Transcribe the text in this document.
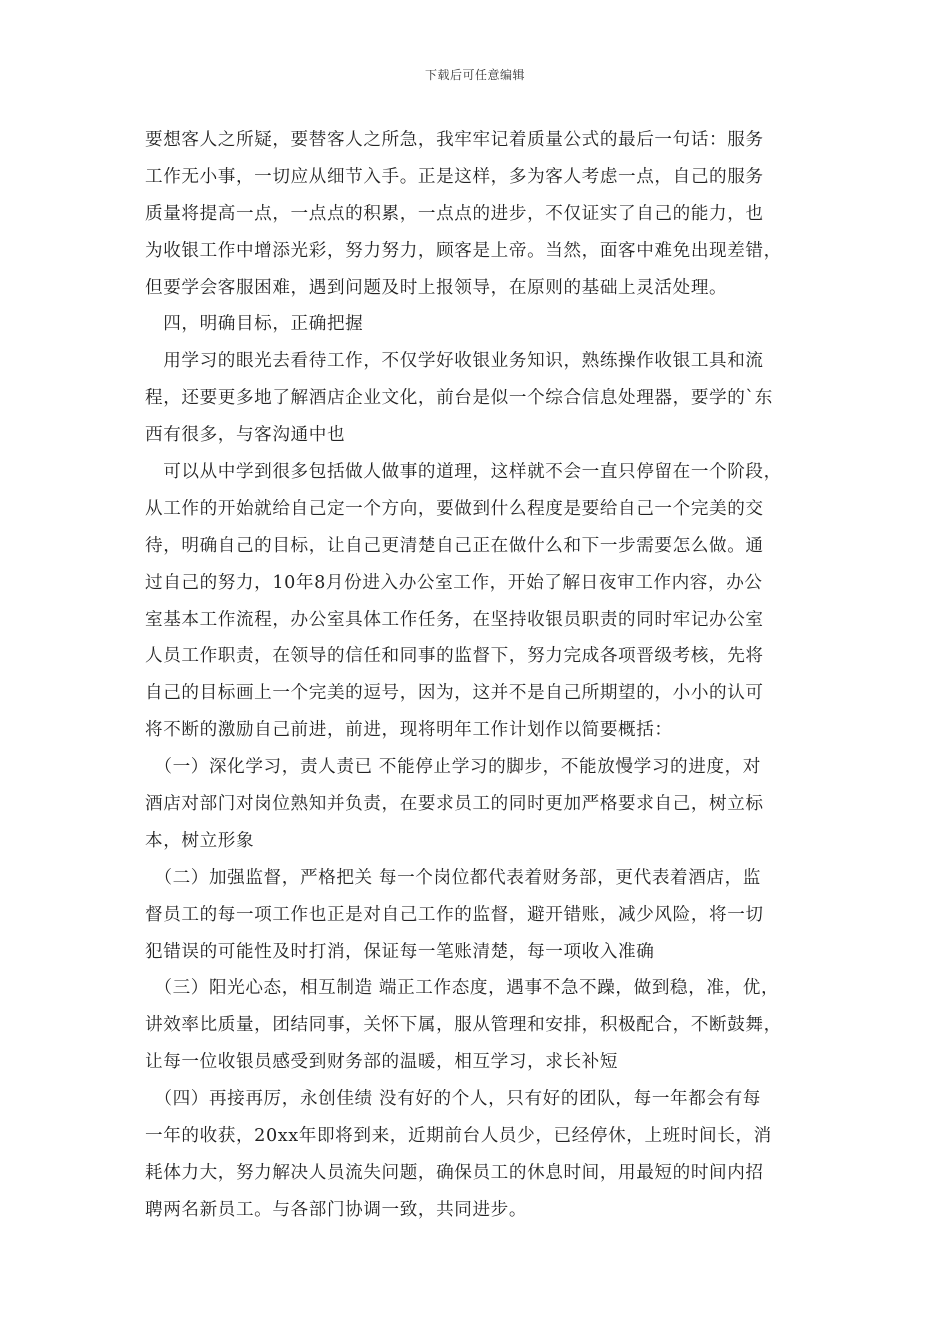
下载后可任意编辑
要想客人之所疑，要替客人之所急，我牢牢记着质量公式的最后一句话：服务
工作无小事，一切应从细节入手。正是这样，多为客人考虑一点，自己的服务
质量将提高一点，一点点的积累，一点点的进步，不仅证实了自己的能力，也
为收银工作中增添光彩，努力努力，顾客是上帝。当然，面客中难免出现差错，
但要学会客服困难，遇到问题及时上报领导，在原则的基础上灵活处理。
　四，明确目标，正确把握
　用学习的眼光去看待工作，不仅学好收银业务知识，熟练操作收银工具和流
程，还要更多地了解酒店企业文化，前台是似一个综合信息处理器，要学的`东
西有很多，与客沟通中也
　可以从中学到很多包括做人做事的道理，这样就不会一直只停留在一个阶段，
从工作的开始就给自己定一个方向，要做到什么程度是要给自己一个完美的交
待，明确自己的目标，让自己更清楚自己正在做什么和下一步需要怎么做。通
过自己的努力，10年8月份进入办公室工作，开始了解日夜审工作内容，办公
室基本工作流程，办公室具体工作任务，在坚持收银员职责的同时牢记办公室
人员工作职责，在领导的信任和同事的监督下，努力完成各项晋级考核，先将
自己的目标画上一个完美的逗号，因为，这并不是自己所期望的，小小的认可
将不断的激励自己前进，前进，现将明年工作计划作以简要概括：
　（一）深化学习，责人责已 不能停止学习的脚步，不能放慢学习的进度，对
酒店对部门对岗位熟知并负责，在要求员工的同时更加严格要求自己，树立标
本，树立形象
　（二）加强监督，严格把关 每一个岗位都代表着财务部，更代表着酒店，监
督员工的每一项工作也正是对自己工作的监督，避开错账，减少风险，将一切
犯错误的可能性及时打消，保证每一笔账清楚，每一项收入准确
　（三）阳光心态，相互制造 端正工作态度，遇事不急不躁，做到稳，准，优，
讲效率比质量，团结同事，关怀下属，服从管理和安排，积极配合，不断鼓舞，
让每一位收银员感受到财务部的温暖，相互学习，求长补短
　（四）再接再厉，永创佳绩 没有好的个人，只有好的团队，每一年都会有每
一年的收获，20xx年即将到来，近期前台人员少，已经停休，上班时间长，消
耗体力大，努力解决人员流失问题，确保员工的休息时间，用最短的时间内招
聘两名新员工。与各部门协调一致，共同进步。
